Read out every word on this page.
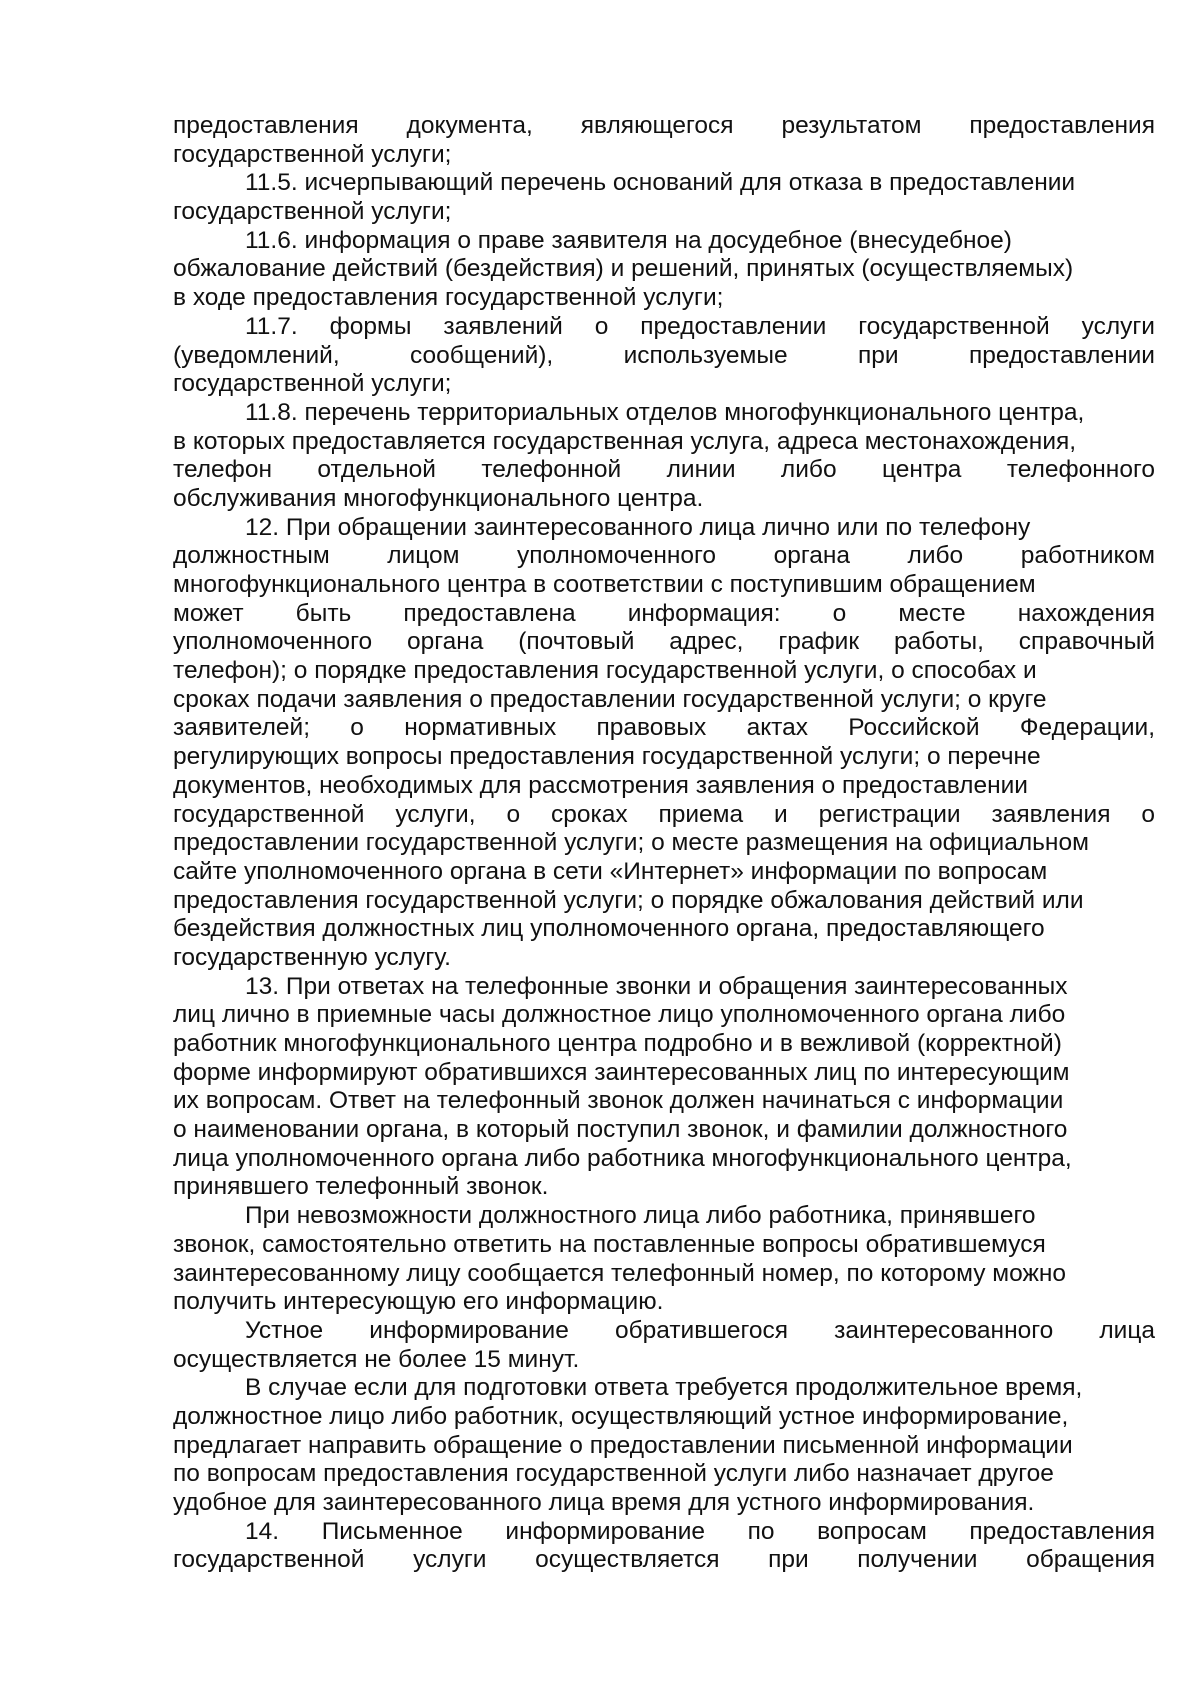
предоставления документа, являющегося результатом предоставления
государственной услуги;
11.5. исчерпывающий перечень оснований для отказа в предоставлении
государственной услуги;
11.6. информация о праве заявителя на досудебное (внесудебное)
обжалование действий (бездействия) и решений, принятых (осуществляемых)
в ходе предоставления государственной услуги;
11.7. формы заявлений о предоставлении государственной услуги
(уведомлений, сообщений), используемые при предоставлении
государственной услуги;
11.8. перечень территориальных отделов многофункционального центра,
в которых предоставляется государственная услуга, адреса местонахождения,
телефон отдельной телефонной линии либо центра телефонного
обслуживания многофункционального центра.
12. При обращении заинтересованного лица лично или по телефону
должностным лицом уполномоченного органа либо работником
многофункционального центра в соответствии с поступившим обращением
может быть предоставлена информация: о месте нахождения
уполномоченного органа (почтовый адрес, график работы, справочный
телефон); о порядке предоставления государственной услуги, о способах и
сроках подачи заявления о предоставлении государственной услуги; о круге
заявителей; о нормативных правовых актах Российской Федерации,
регулирующих вопросы предоставления государственной услуги; о перечне
документов, необходимых для рассмотрения заявления о предоставлении
государственной услуги, о сроках приема и регистрации заявления о
предоставлении государственной услуги; о месте размещения на официальном
сайте уполномоченного органа в сети «Интернет» информации по вопросам
предоставления государственной услуги; о порядке обжалования действий или
бездействия должностных лиц уполномоченного органа, предоставляющего
государственную услугу.
13. При ответах на телефонные звонки и обращения заинтересованных
лиц лично в приемные часы должностное лицо уполномоченного органа либо
работник многофункционального центра подробно и в вежливой (корректной)
форме информируют обратившихся заинтересованных лиц по интересующим
их вопросам. Ответ на телефонный звонок должен начинаться с информации
о наименовании органа, в который поступил звонок, и фамилии должностного
лица уполномоченного органа либо работника многофункционального центра,
принявшего телефонный звонок.
При невозможности должностного лица либо работника, принявшего
звонок, самостоятельно ответить на поставленные вопросы обратившемуся
заинтересованному лицу сообщается телефонный номер, по которому можно
получить интересующую его информацию.
Устное информирование обратившегося заинтересованного лица
осуществляется не более 15 минут.
В случае если для подготовки ответа требуется продолжительное время,
должностное лицо либо работник, осуществляющий устное информирование,
предлагает направить обращение о предоставлении письменной информации
по вопросам предоставления государственной услуги либо назначает другое
удобное для заинтересованного лица время для устного информирования.
14. Письменное информирование по вопросам предоставления
государственной услуги осуществляется при получении обращения
